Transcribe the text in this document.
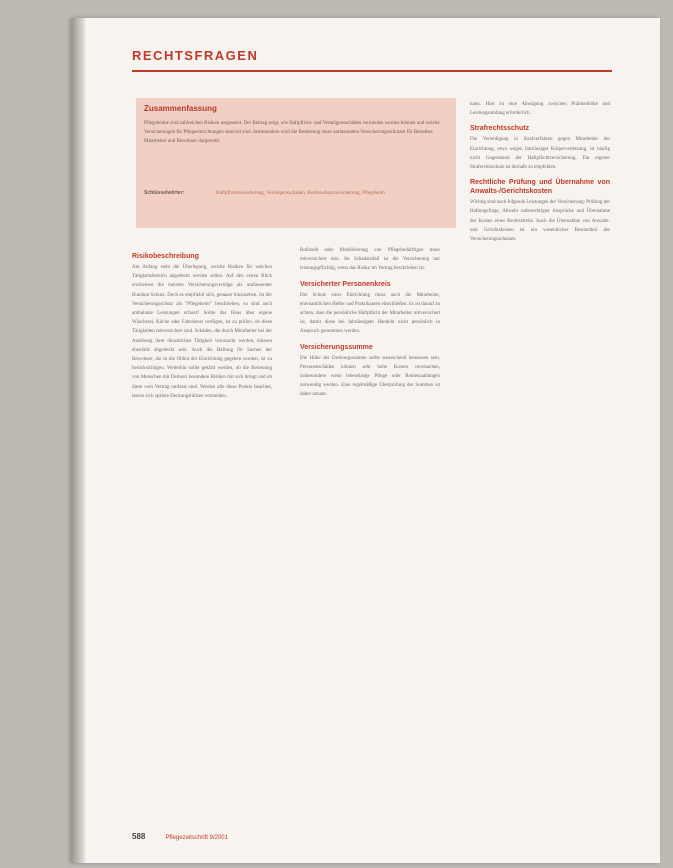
RECHTSFRAGEN
Zusammenfassung
Pflegeheime sind zahlreichen Risiken ausgesetzt. Der Beitrag zeigt, wie Haftpflicht- und Vermögensschäden vermieden werden können und welche Versicherungen für Pflegeeinrichtungen sinnvoll sind. Insbesondere wird die Bedeutung eines umfassenden Versicherungsschutzes für Betreiber, Mitarbeiter und Bewohner dargestellt.
Schlüsselwörter:	Haftpflichtversicherung, Vermögensschäden, Rechtsschutzversicherung, Pflegeheim
Risikobeschreibung

Am Anfang steht die Überlegung, welche Risiken für welchen Tätigkeitsbereich abgedeckt werden sollen. Auf den ersten Blick erscheinen die meisten Versicherungsverträge als umfassender Rundum-Schutz. Doch es empfiehlt sich, genauer hinzusehen. Ist der Versicherungsschutz als "Pflegeheim" beschrieben, so sind auch ambulante Leistungen erfasst? Sollte das Haus über eigene Wäscherei, Küche oder Fahrdienst verfügen, ist zu prüfen, ob diese Tätigkeiten mitversichert sind. Schäden, die durch Mitarbeiter bei der Ausübung ihrer dienstlichen Tätigkeit verursacht werden, müssen ebenfalls abgedeckt sein. Auch die Haftung für Sachen der Bewohner, die in die Obhut der Einrichtung gegeben wurden, ist zu berücksichtigen. Weiterhin sollte geklärt werden, ob die Betreuung von Menschen mit Demenz besondere Risiken mit sich bringt und ob diese vom Vertrag umfasst sind. Werden alle diese Punkte beachtet, lassen sich spätere Deckungslücken vermeiden.

Rollstuhl oder Mobilisierung von Pflegebedürftigen muss mitversichert sein. Im Schadensfall ist die Versicherung nur leistungspflichtig, wenn das Risiko im Vertrag beschrieben ist.

Versicherter Personenkreis

Der Schutz einer Einrichtung muss auch die Mitarbeiter, ehrenamtlichen Helfer und Praktikanten einschließen. Es ist darauf zu achten, dass die persönliche Haftpflicht der Mitarbeiter mitversichert ist, damit diese bei fahrlässigem Handeln nicht persönlich in Anspruch genommen werden.

Versicherungssumme

Die Höhe der Deckungssumme sollte ausreichend bemessen sein. Personenschäden können sehr hohe Kosten verursachen, insbesondere wenn lebenslange Pflege oder Rentenzahlungen notwendig werden. Eine regelmäßige Überprüfung der Summen ist daher ratsam.

kann. Hier ist eine Abwägung zwischen Prämienhöhe und Leistungsumfang erforderlich.

Strafrechtsschutz

Die Verteidigung in Strafverfahren gegen Mitarbeiter der Einrichtung, etwa wegen fahrlässiger Körperverletzung, ist häufig nicht Gegenstand der Haftpflichtversicherung. Ein eigener Strafrechtsschutz ist deshalb zu empfehlen.

Rechtliche Prüfung und Übernahme von Anwalts-/Gerichtskosten

Wichtig sind auch folgende Leistungen der Versicherung: Prüfung der Haftungsfrage, Abwehr unberechtigter Ansprüche und Übernahme der Kosten eines Rechtsstreits. Auch die Übernahme von Anwalts- und Gerichtskosten ist ein wesentlicher Bestandteil des Versicherungsschutzes.

588	Pflegezeitschrift 9/2001
